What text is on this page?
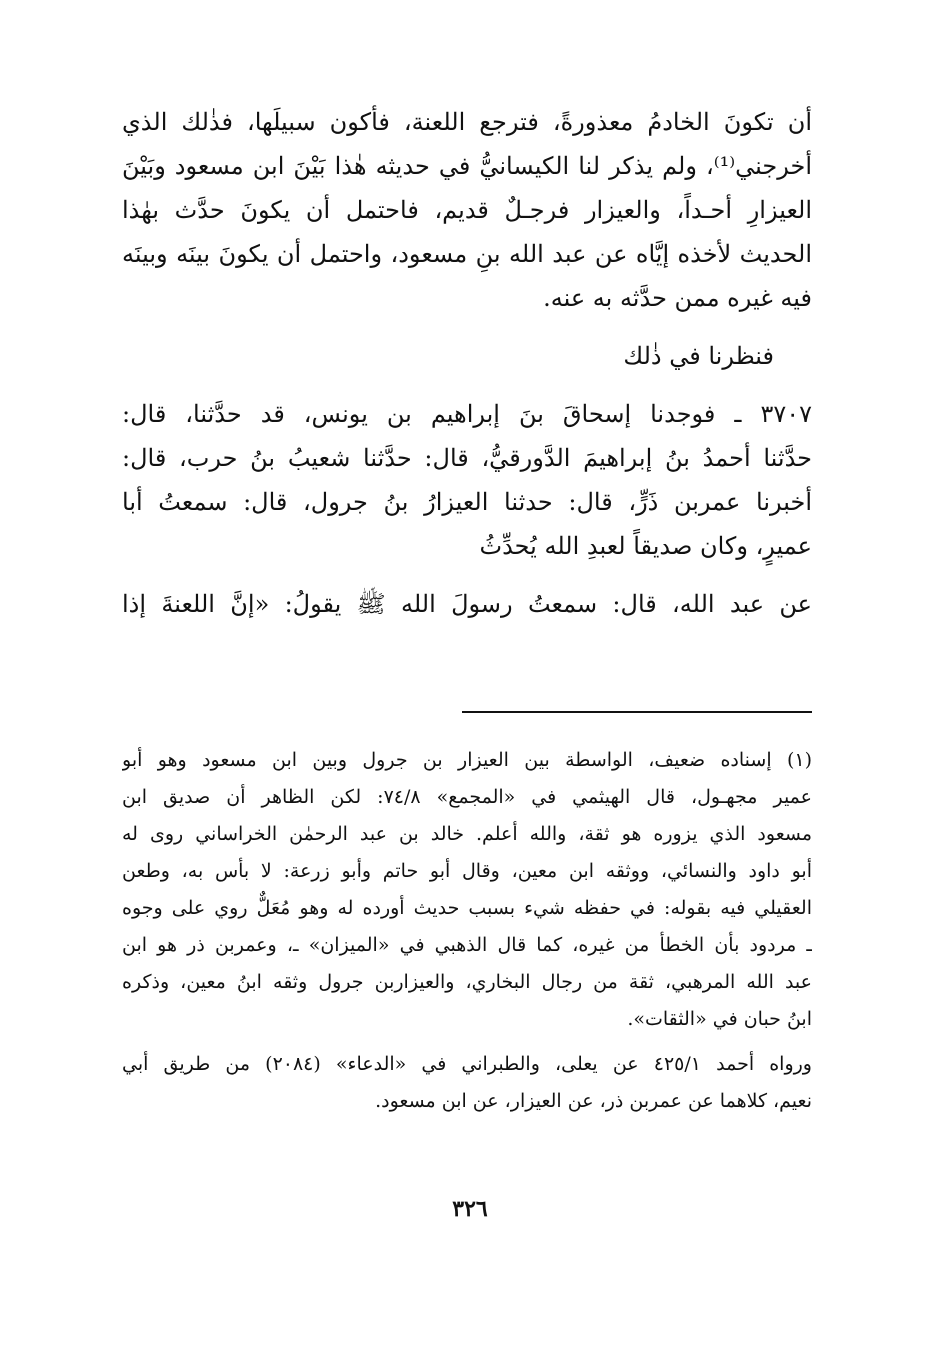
أن تكونَ الخادمُ معذورةً، فترجع اللعنة، فأكون سبيلَها، فذٰلك الذي
أخرجني⁽¹⁾، ولم يذكر لنا الكيسانيُّ في حديثه هٰذا بَيْنَ ابن مسعود وبَيْنَ
العيزارِ أحـداً، والعيزار فرجـلٌ قديم، فاحتمل أن يكونَ حدَّث بهٰذا
الحديث لأخذه إيَّاه عن عبد الله بنِ مسعود، واحتمل أن يكونَ بينَه وبينَه
فيه غيره ممن حدَّثه به عنه.
فنظرنا في ذٰلك
٣٧٠٧ ـ فوجدنا إسحاقَ بنَ إبراهيم بن يونس، قد حدَّثنا، قال:
حدَّثنا أحمدُ بنُ إبراهيمَ الدَّورقيُّ، قال: حدَّثنا شعيبُ بنُ حرب، قال:
أخبرنا عمربن ذَرٍّ، قال: حدثنا العيزارُ بنُ جرول، قال: سمعتُ أبا
عميرٍ، وكان صديقاً لعبدِ الله يُحدِّثُ
عن عبد الله، قال: سمعتُ رسولَ الله ﷺ يقولُ: «إنَّ اللعنةَ إذا
(١) إسناده ضعيف، الواسطة بين العيزار بن جرول وبين ابن مسعود وهو أبو
عمير مجهـول، قال الهيثمي في «المجمع» ٧٤/٨: لكن الظاهر أن صديق ابن
مسعود الذي يزوره هو ثقة، والله أعلم. خالد بن عبد الرحمٰن الخراساني روى له
أبو داود والنسائي، ووثقه ابن معين، وقال أبو حاتم وأبو زرعة: لا بأس به، وطعن
العقيلي فيه بقوله: في حفظه شيء بسبب حديث أورده له وهو مُعَلٌّ روي على وجوه
ـ مردود بأن الخطأ من غيره، كما قال الذهبي في «الميزان» ـ، وعمربن ذر هو ابن
عبد الله المرهبي، ثقة من رجال البخاري، والعيزاربن جرول وثقه ابنُ معين، وذكره
ابنُ حبان في «الثقات».
ورواه أحمد ٤٢٥/١ عن يعلى، والطبراني في «الدعاء» (٢٠٨٤) من طريق أبي
نعيم، كلاهما عن عمربن ذر، عن العيزار، عن ابن مسعود.
٣٢٦
